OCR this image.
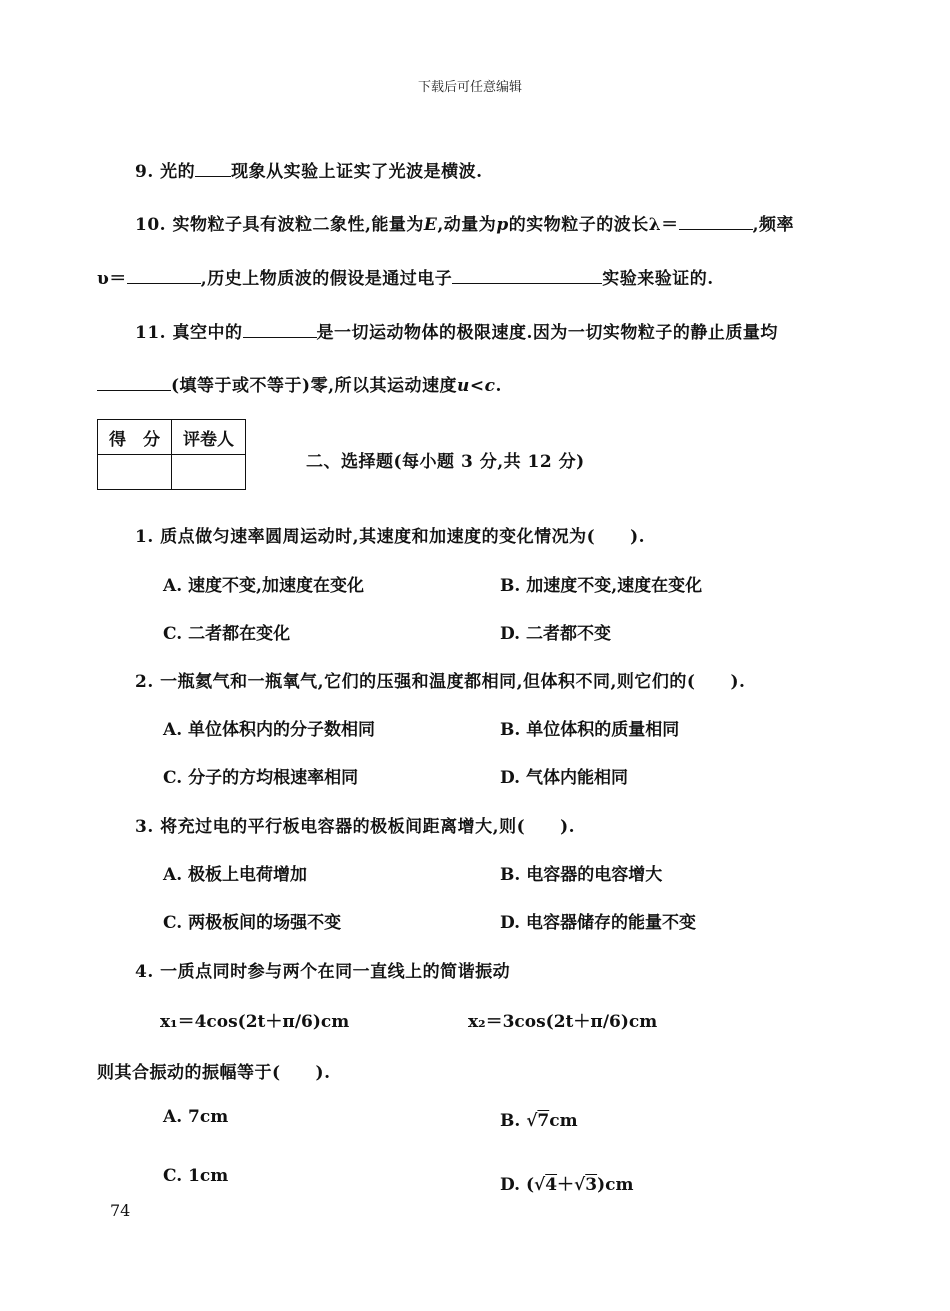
下载后可任意编辑
9. 光的 现象从实验上证实了光波是横波.
10. 实物粒子具有波粒二象性,能量为E,动量为p的实物粒子的波长λ＝	,频率
υ＝	,历史上物质波的假设是通过电子	实验来验证的.
11. 真空中的	是一切运动物体的极限速度.因为一切实物粒子的静止质量均
(填等于或不等于)零,所以其运动速度u<c.
得　分	评卷人

二、选择题(每小题 3 分,共 12 分)
1. 质点做匀速率圆周运动时,其速度和加速度的变化情况为(　　).
A. 速度不变,加速度在变化	B. 加速度不变,速度在变化
C. 二者都在变化	D. 二者都不变
2. 一瓶氦气和一瓶氧气,它们的压强和温度都相同,但体积不同,则它们的(　　).
A. 单位体积内的分子数相同	B. 单位体积的质量相同
C. 分子的方均根速率相同	D. 气体内能相同
3. 将充过电的平行板电容器的极板间距离增大,则(　　).
A. 极板上电荷增加	B. 电容器的电容增大
C. 两极板间的场强不变	D. 电容器储存的能量不变
4. 一质点同时参与两个在同一直线上的简谐振动
x₁＝4cos(2t＋π/6)cm	x₂＝3cos(2t＋π/6)cm
则其合振动的振幅等于(　　).
A. 7cm	B. √7cm
C. 1cm	D. (√4＋√3)cm
74
